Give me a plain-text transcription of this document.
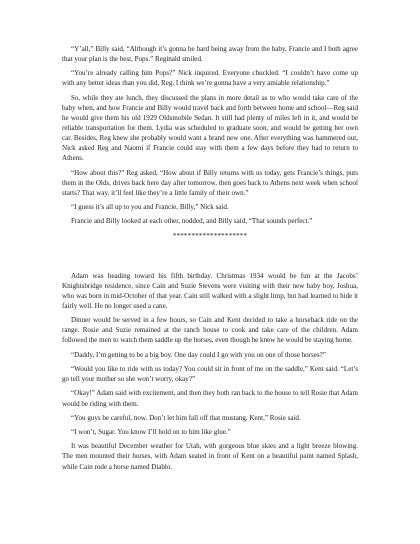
“Y’all,” Billy said, “Although it’s gonna be hard being away from the baby, Francie and I both agree that your plan is the best, Pops.” Reginald smiled.

“You’re already calling him Pops?” Nick inquired. Everyone chuckled. “I couldn’t have come up with any better ideas than you did, Reg. I think we’re gonna have a very amiable relationship.”

So, while they ate lunch, they discussed the plans in more detail as to who would take care of the baby when, and how Francie and Billy would travel back and forth between home and school—Reg said he would give them his old 1929 Oldsmobile Sedan. It still had plenty of miles left in it, and would be reliable transportation for them. Lydia was scheduled to graduate soon, and would be getting her own car. Besides, Reg knew she probably would want a brand new one. After everything was hammered out, Nick asked Reg and Naomi if Francie could stay with them a few days before they had to return to Athens.

“How about this?” Reg asked, “How about if Billy returns with us today, gets Francie’s things, puts them in the Olds, drives back here day after tomorrow, then goes back to Athens next week when school starts? That way, it’ll feel like they’re a little family of their own.”

“I guess it’s all up to you and Francie, Billy,” Nick said.

Francie and Billy looked at each other, nodded, and Billy said, “That sounds perfect.”

********************

Adam was heading toward his fifth birthday. Christmas 1934 would be fun at the Jacobs’ Knightsbridge residence, since Cain and Suzie Stevens were visiting with their new baby boy, Joshua, who was born in mid-October of that year. Cain still walked with a slight limp, but had learned to hide it fairly well. He no longer used a cane.

Dinner would be served in a few hours, so Cain and Kent decided to take a horseback ride on the range. Rosie and Suzie remained at the ranch house to cook and take care of the children. Adam followed the men to watch them saddle up the horses, even though he knew he would be staying home.

“Daddy, I’m getting to be a big boy. One day could I go with you on one of those horses?”

“Would you like to ride with us today? You could sit in front of me on the saddle,” Kent said. “Let’s go tell your mother so she won’t worry, okay?”

“Okay!” Adam said with excitement, and then they both ran back to the house to tell Rosie that Adam would be riding with them.

“You guys be careful, now. Don’t let him fall off that mustang, Kent,” Rosie said.

“I won’t, Sugar. You know I’ll hold on to him like glue.”

It was beautiful December weather for Utah, with gorgeous blue skies and a light breeze blowing. The men mounted their horses, with Adam seated in front of Kent on a beautiful paint named Splash, while Cain rode a horse named Diablo.
